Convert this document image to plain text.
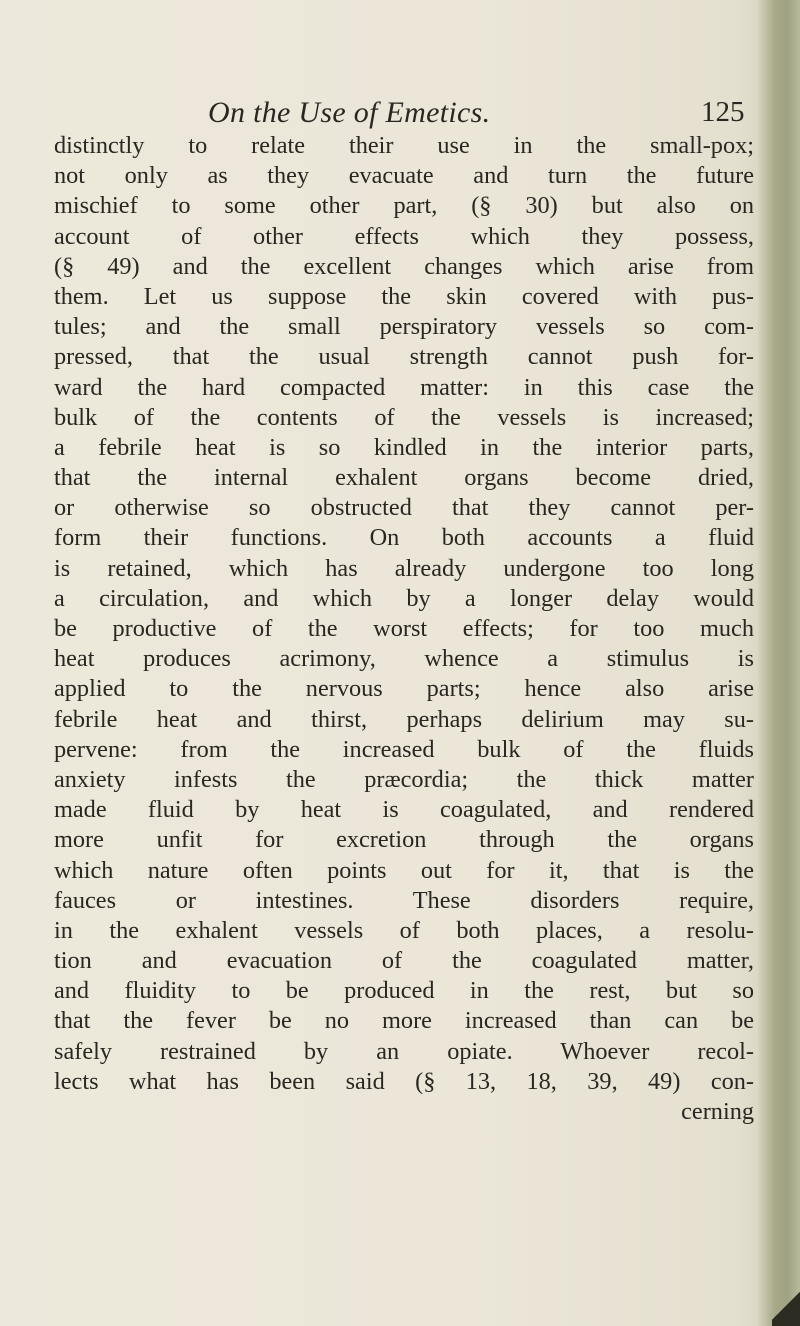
On the Use of Emetics.	125
distinctly to relate their use in the small-pox;
not only as they evacuate and turn the future
mischief to some other part, (§ 30) but also on
account of other effects which they possess,
(§ 49) and the excellent changes which arise from
them. Let us suppose the skin covered with pus-
tules; and the small perspiratory vessels so com-
pressed, that the usual strength cannot push for-
ward the hard compacted matter: in this case the
bulk of the contents of the vessels is increased;
a febrile heat is so kindled in the interior parts,
that the internal exhalent organs become dried,
or otherwise so obstructed that they cannot per-
form their functions. On both accounts a fluid
is retained, which has already undergone too long
a circulation, and which by a longer delay would
be productive of the worst effects; for too much
heat produces acrimony, whence a stimulus is
applied to the nervous parts; hence also arise
febrile heat and thirst, perhaps delirium may su-
pervene: from the increased bulk of the fluids
anxiety infests the præcordia; the thick matter
made fluid by heat is coagulated, and rendered
more unfit for excretion through the organs
which nature often points out for it, that is the
fauces or intestines. These disorders require,
in the exhalent vessels of both places, a resolu-
tion and evacuation of the coagulated matter,
and fluidity to be produced in the rest, but so
that the fever be no more increased than can be
safely restrained by an opiate. Whoever recol-
lects what has been said (§ 13, 18, 39, 49) con-
cerning
